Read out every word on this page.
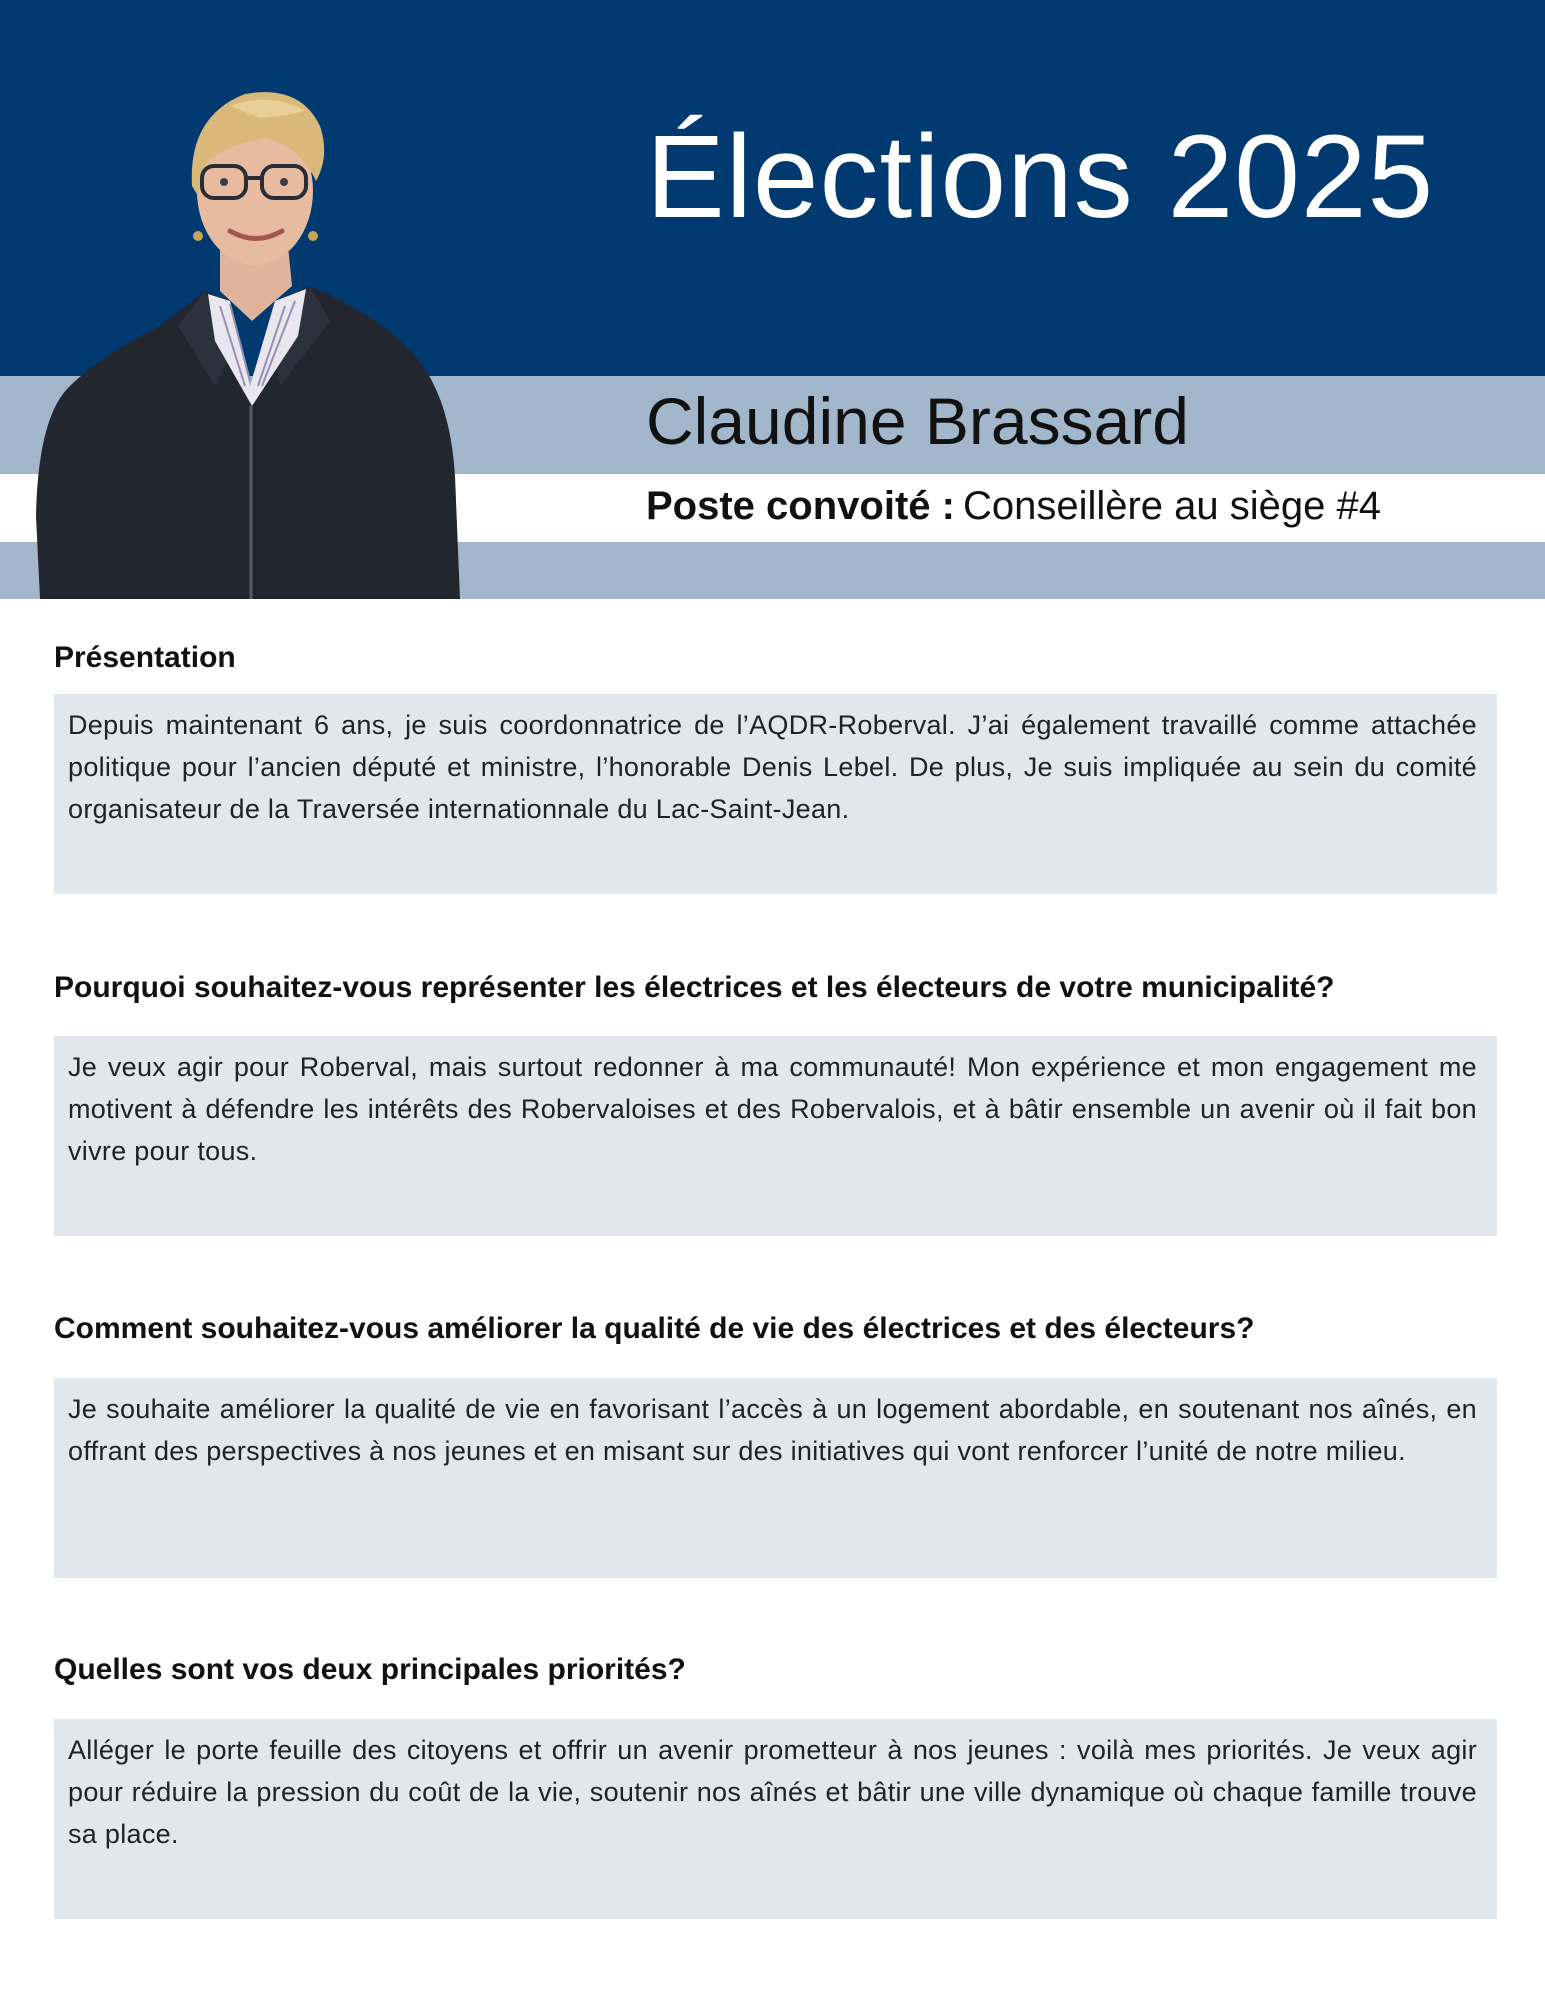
Élections 2025
Claudine Brassard
Poste convoité : Conseillère au siège #4
Présentation

Depuis maintenant 6 ans, je suis coordonnatrice de l’AQDR-Roberval. J’ai également travaillé comme attachée politique pour l’ancien député et ministre, l’honorable Denis Lebel. De plus, Je suis impliquée au sein du comité organisateur de la Traversée internationnale du Lac-Saint-Jean.

Pourquoi souhaitez-vous représenter les électrices et les électeurs de votre municipalité?

Je veux agir pour Roberval, mais surtout redonner à ma communauté! Mon expérience et mon engagement me motivent à défendre les intérêts des Robervaloises et des Robervalois, et à bâtir ensemble un avenir où il fait bon vivre pour tous.

Comment souhaitez-vous améliorer la qualité de vie des électrices et des électeurs?

Je souhaite améliorer la qualité de vie en favorisant l’accès à un logement abordable, en soutenant nos aînés, en offrant des perspectives à nos jeunes et en misant sur des initiatives qui vont renforcer l’unité de notre milieu.

Quelles sont vos deux principales priorités?

Alléger le porte feuille des citoyens et offrir un avenir prometteur à nos jeunes : voilà mes priorités. Je veux agir pour réduire la pression du coût de la vie, soutenir nos aînés et bâtir une ville dynamique où chaque famille trouve sa place.
